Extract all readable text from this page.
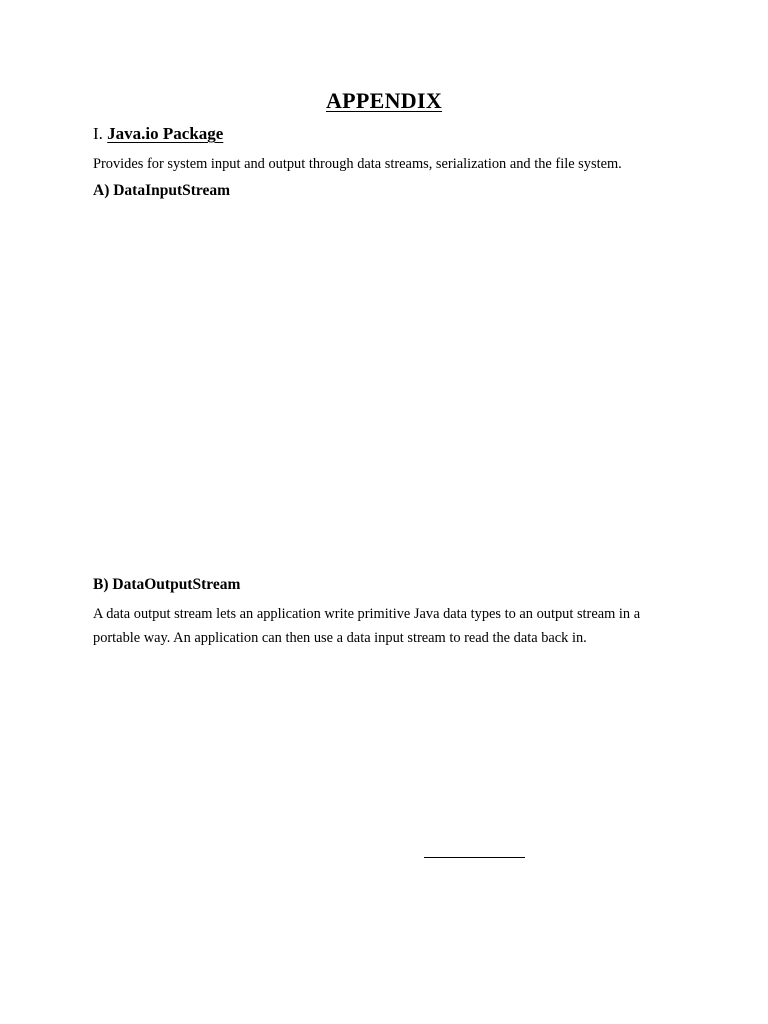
APPENDIX
I. Java.io Package
Provides for system input and output through data streams, serialization and the file system.
A) DataInputStream
B) DataOutputStream
A data output stream lets an application write primitive Java data types to an output stream in a portable way. An application can then use a data input stream to read the data back in.
